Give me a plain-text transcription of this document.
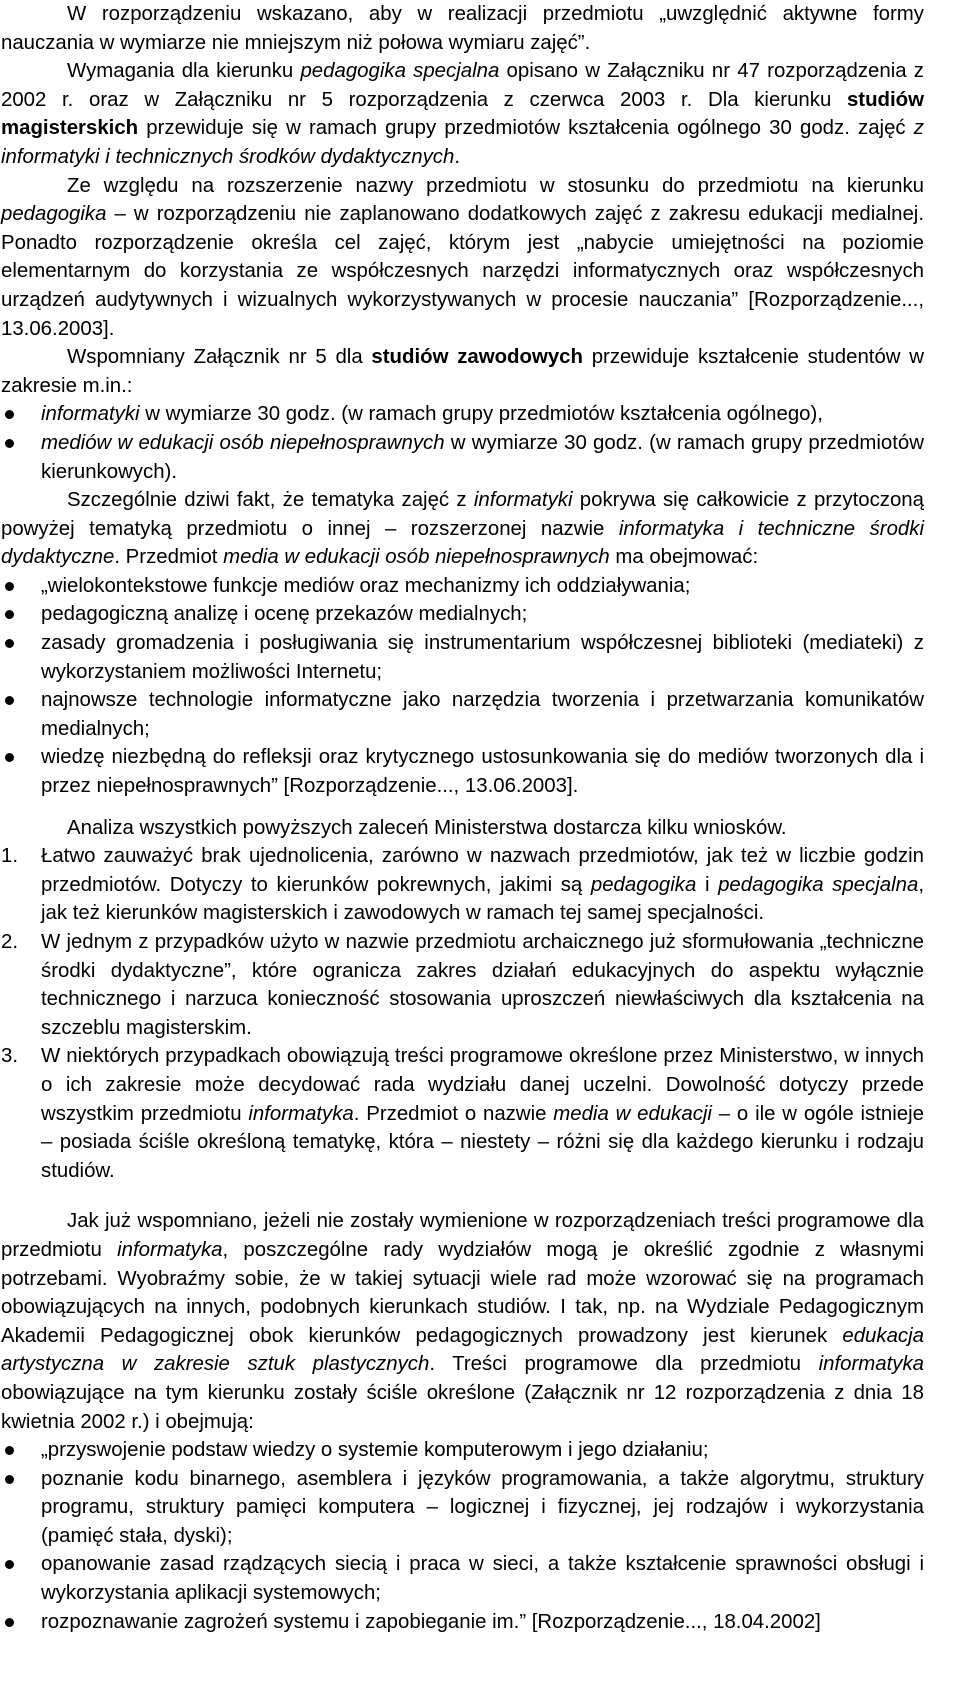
W rozporządzeniu wskazano, aby w realizacji przedmiotu „uwzględnić aktywne formy nauczania w wymiarze nie mniejszym niż połowa wymiaru zajęć”.

Wymagania dla kierunku pedagogika specjalna opisano w Załączniku nr 47 rozporządzenia z 2002 r. oraz w Załączniku nr 5 rozporządzenia z czerwca 2003 r. Dla kierunku studiów magisterskich przewiduje się w ramach grupy przedmiotów kształcenia ogólnego 30 godz. zajęć z informatyki i technicznych środków dydaktycznych.

Ze względu na rozszerzenie nazwy przedmiotu w stosunku do przedmiotu na kierunku pedagogika – w rozporządzeniu nie zaplanowano dodatkowych zajęć z zakresu edukacji medialnej. Ponadto rozporządzenie określa cel zajęć, którym jest „nabycie umiejętności na poziomie elementarnym do korzystania ze współczesnych narzędzi informatycznych oraz współczesnych urządzeń audytywnych i wizualnych wykorzystywanych w procesie nauczania” [Rozporządzenie..., 13.06.2003].

Wspomniany Załącznik nr 5 dla studiów zawodowych przewiduje kształcenie studentów w zakresie m.in.:

informatyki w wymiarze 30 godz. (w ramach grupy przedmiotów kształcenia ogólnego),
mediów w edukacji osób niepełnosprawnych w wymiarze 30 godz. (w ramach grupy przedmiotów kierunkowych).

Szczególnie dziwi fakt, że tematyka zajęć z informatyki pokrywa się całkowicie z przytoczoną powyżej tematyką przedmiotu o innej – rozszerzonej nazwie informatyka i techniczne środki dydaktyczne. Przedmiot media w edukacji osób niepełnosprawnych ma obejmować:

„wielokontekstowe funkcje mediów oraz mechanizmy ich oddziaływania;
pedagogiczną analizę i ocenę przekazów medialnych;
zasady gromadzenia i posługiwania się instrumentarium współczesnej biblioteki (mediateki) z wykorzystaniem możliwości Internetu;
najnowsze technologie informatyczne jako narzędzia tworzenia i przetwarzania komunikatów medialnych;
wiedzę niezbędną do refleksji oraz krytycznego ustosunkowania się do mediów tworzonych dla i przez niepełnosprawnych” [Rozporządzenie..., 13.06.2003].

Analiza wszystkich powyższych zaleceń Ministerstwa dostarcza kilku wniosków.

1. Łatwo zauważyć brak ujednolicenia, zarówno w nazwach przedmiotów, jak też w liczbie godzin przedmiotów. Dotyczy to kierunków pokrewnych, jakimi są pedagogika i pedagogika specjalna, jak też kierunków magisterskich i zawodowych w ramach tej samej specjalności.
2. W jednym z przypadków użyto w nazwie przedmiotu archaicznego już sformułowania „techniczne środki dydaktyczne”, które ogranicza zakres działań edukacyjnych do aspektu wyłącznie technicznego i narzuca konieczność stosowania uproszczeń niewłaściwych dla kształcenia na szczeblu magisterskim.
3. W niektórych przypadkach obowiązują treści programowe określone przez Ministerstwo, w innych o ich zakresie może decydować rada wydziału danej uczelni. Dowolność dotyczy przede wszystkim przedmiotu informatyka. Przedmiot o nazwie media w edukacji – o ile w ogóle istnieje – posiada ściśle określoną tematykę, która – niestety – różni się dla każdego kierunku i rodzaju studiów.

Jak już wspomniano, jeżeli nie zostały wymienione w rozporządzeniach treści programowe dla przedmiotu informatyka, poszczególne rady wydziałów mogą je określić zgodnie z własnymi potrzebami. Wyobraźmy sobie, że w takiej sytuacji wiele rad może wzorować się na programach obowiązujących na innych, podobnych kierunkach studiów. I tak, np. na Wydziale Pedagogicznym Akademii Pedagogicznej obok kierunków pedagogicznych prowadzony jest kierunek edukacja artystyczna w zakresie sztuk plastycznych. Treści programowe dla przedmiotu informatyka obowiązujące na tym kierunku zostały ściśle określone (Załącznik nr 12 rozporządzenia z dnia 18 kwietnia 2002 r.) i obejmują:

„przyswojenie podstaw wiedzy o systemie komputerowym i jego działaniu;
poznanie kodu binarnego, asemblera i języków programowania, a także algorytmu, struktury programu, struktury pamięci komputera – logicznej i fizycznej, jej rodzajów i wykorzystania (pamięć stała, dyski);
opanowanie zasad rządzących siecią i praca w sieci, a także kształcenie sprawności obsługi i wykorzystania aplikacji systemowych;
rozpoznawanie zagrożeń systemu i zapobieganie im.” [Rozporządzenie..., 18.04.2002]
